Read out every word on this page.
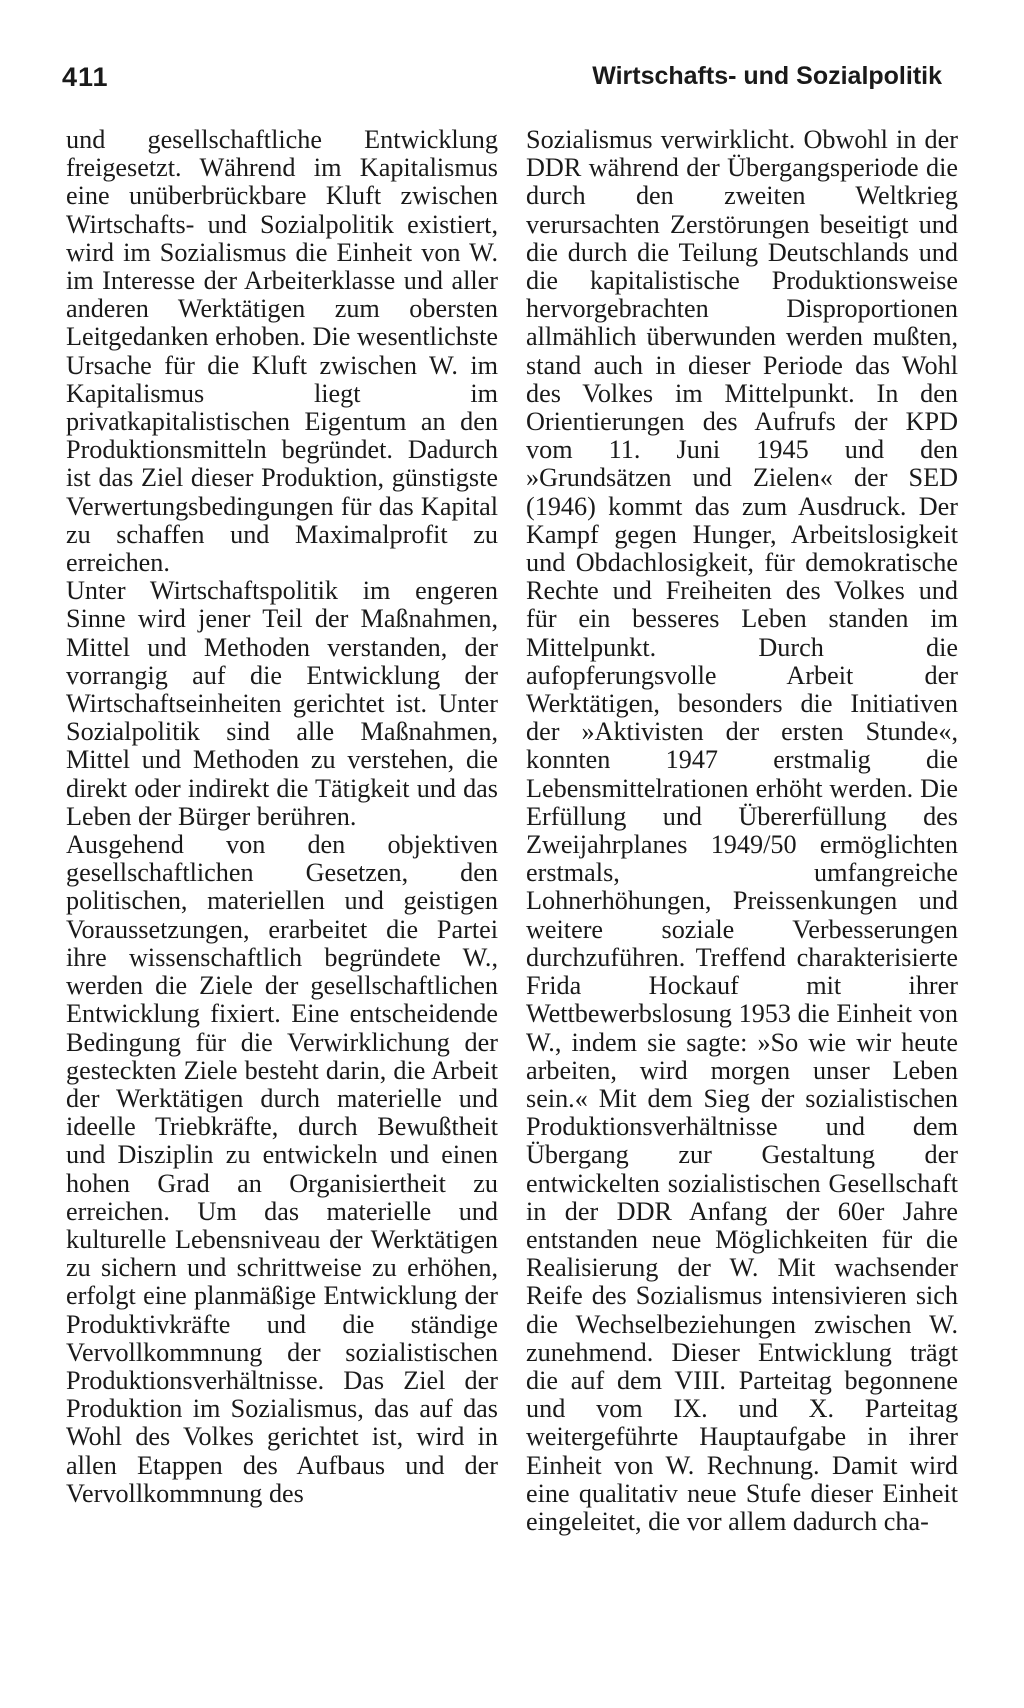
411	Wirtschafts- und Sozialpolitik

und gesellschaftliche Entwicklung freigesetzt. Während im Kapitalismus eine unüberbrückbare Kluft zwischen Wirtschafts- und Sozialpolitik existiert, wird im Sozialismus die Einheit von W. im Interesse der Arbeiterklasse und aller anderen Werktätigen zum obersten Leitgedanken erhoben. Die wesentlichste Ursache für die Kluft zwischen W. im Kapitalismus liegt im privatkapitalistischen Eigentum an den Produktionsmitteln begründet. Dadurch ist das Ziel dieser Produktion, günstigste Verwertungsbedingungen für das Kapital zu schaffen und Maximalprofit zu erreichen.

Unter Wirtschaftspolitik im engeren Sinne wird jener Teil der Maßnahmen, Mittel und Methoden verstanden, der vorrangig auf die Entwicklung der Wirtschaftseinheiten gerichtet ist. Unter Sozialpolitik sind alle Maßnahmen, Mittel und Methoden zu verstehen, die direkt oder indirekt die Tätigkeit und das Leben der Bürger berühren.

Ausgehend von den objektiven gesellschaftlichen Gesetzen, den politischen, materiellen und geistigen Voraussetzungen, erarbeitet die Partei ihre wissenschaftlich begründete W., werden die Ziele der gesellschaftlichen Entwicklung fixiert. Eine entscheidende Bedingung für die Verwirklichung der gesteckten Ziele besteht darin, die Arbeit der Werktätigen durch materielle und ideelle Triebkräfte, durch Bewußtheit und Disziplin zu entwickeln und einen hohen Grad an Organisiertheit zu erreichen. Um das materielle und kulturelle Lebensniveau der Werktätigen zu sichern und schrittweise zu erhöhen, erfolgt eine planmäßige Entwicklung der Produktivkräfte und die ständige Vervollkommnung der sozialistischen Produktionsverhältnisse. Das Ziel der Produktion im Sozialismus, das auf das Wohl des Volkes gerichtet ist, wird in allen Etappen des Aufbaus und der Vervollkommnung des

Sozialismus verwirklicht. Obwohl in der DDR während der Übergangsperiode die durch den zweiten Weltkrieg verursachten Zerstörungen beseitigt und die durch die Teilung Deutschlands und die kapitalistische Produktionsweise hervorgebrachten Disproportionen allmählich überwunden werden mußten, stand auch in dieser Periode das Wohl des Volkes im Mittelpunkt. In den Orientierungen des Aufrufs der KPD vom 11. Juni 1945 und den »Grundsätzen und Zielen« der SED (1946) kommt das zum Ausdruck. Der Kampf gegen Hunger, Arbeitslosigkeit und Obdachlosigkeit, für demokratische Rechte und Freiheiten des Volkes und für ein besseres Leben standen im Mittelpunkt. Durch die aufopferungsvolle Arbeit der Werktätigen, besonders die Initiativen der »Aktivisten der ersten Stunde«, konnten 1947 erstmalig die Lebensmittelrationen erhöht werden. Die Erfüllung und Übererfüllung des Zweijahrplanes 1949/50 ermöglichten erstmals, umfangreiche Lohnerhöhungen, Preissenkungen und weitere soziale Verbesserungen durchzuführen. Treffend charakterisierte Frida Hockauf mit ihrer Wettbewerbslosung 1953 die Einheit von W., indem sie sagte: »So wie wir heute arbeiten, wird morgen unser Leben sein.« Mit dem Sieg der sozialistischen Produktionsverhältnisse und dem Übergang zur Gestaltung der entwickelten sozialistischen Gesellschaft in der DDR Anfang der 60er Jahre entstanden neue Möglichkeiten für die Realisierung der W. Mit wachsender Reife des Sozialismus intensivieren sich die Wechselbeziehungen zwischen W. zunehmend. Dieser Entwicklung trägt die auf dem VIII. Parteitag begonnene und vom IX. und X. Parteitag weitergeführte Hauptaufgabe in ihrer Einheit von W. Rechnung. Damit wird eine qualitativ neue Stufe dieser Einheit eingeleitet, die vor allem dadurch cha-
